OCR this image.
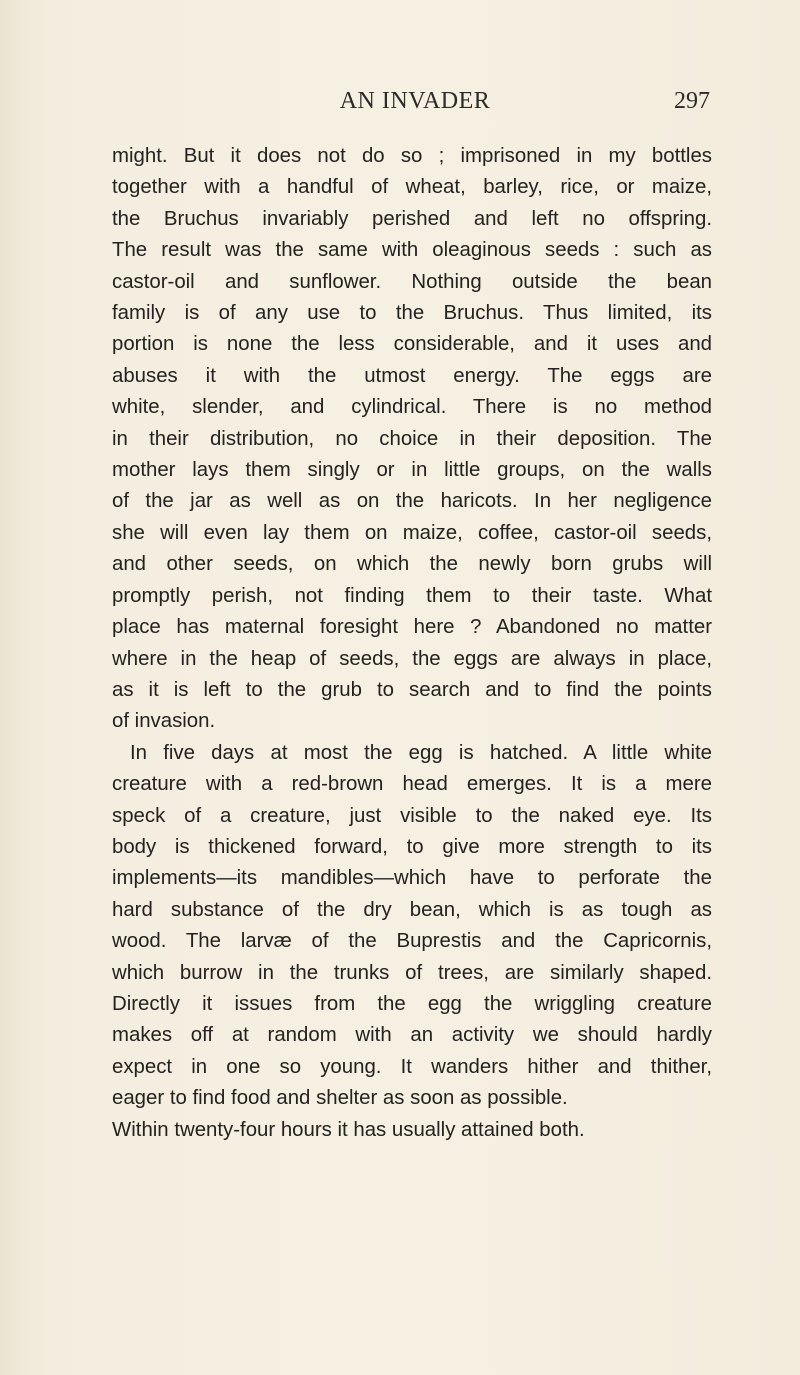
AN INVADER	297
might. But it does not do so ; imprisoned in my bottles
together with a handful of wheat, barley, rice, or maize,
the Bruchus invariably perished and left no offspring.
The result was the same with oleaginous seeds : such as
castor-oil and sunflower. Nothing outside the bean
family is of any use to the Bruchus. Thus limited, its
portion is none the less considerable, and it uses and
abuses it with the utmost energy. The eggs are
white, slender, and cylindrical. There is no method
in their distribution, no choice in their deposition. The
mother lays them singly or in little groups, on the walls
of the jar as well as on the haricots. In her negligence
she will even lay them on maize, coffee, castor-oil seeds,
and other seeds, on which the newly born grubs will
promptly perish, not finding them to their taste. What
place has maternal foresight here ? Abandoned no matter
where in the heap of seeds, the eggs are always in place,
as it is left to the grub to search and to find the points
of invasion.
In five days at most the egg is hatched. A little white
creature with a red-brown head emerges. It is a mere
speck of a creature, just visible to the naked eye. Its
body is thickened forward, to give more strength to its
implements—its mandibles—which have to perforate the
hard substance of the dry bean, which is as tough as
wood. The larvæ of the Buprestis and the Capricornis,
which burrow in the trunks of trees, are similarly shaped.
Directly it issues from the egg the wriggling creature
makes off at random with an activity we should hardly
expect in one so young. It wanders hither and thither,
eager to find food and shelter as soon as possible.
Within twenty-four hours it has usually attained both.
